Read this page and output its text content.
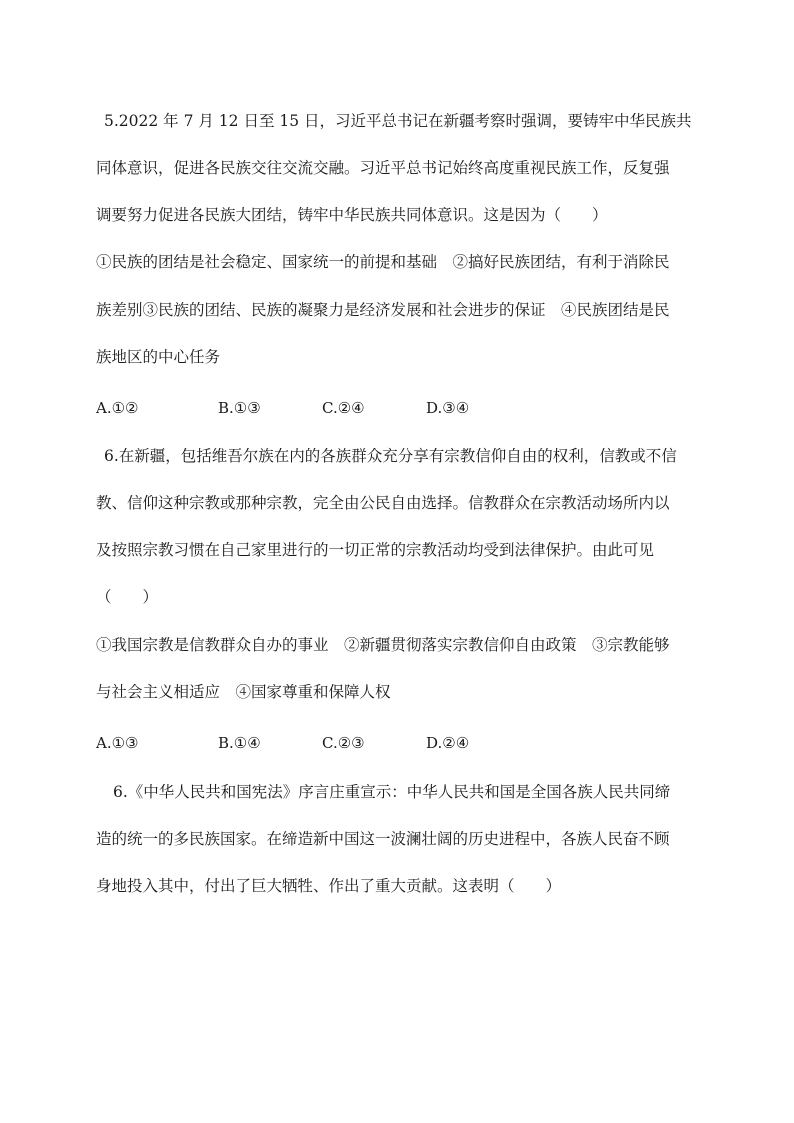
5.2022 年 7 月 12 日至 15 日，习近平总书记在新疆考察时强调，要铸牢中华民族共
同体意识，促进各民族交往交流交融。习近平总书记始终高度重视民族工作，反复强
调要努力促进各民族大团结，铸牢中华民族共同体意识。这是因为（　　）
①民族的团结是社会稳定、国家统一的前提和基础　②搞好民族团结，有利于消除民
族差别③民族的团结、民族的凝聚力是经济发展和社会进步的保证　④民族团结是民
族地区的中心任务
A.①②	B.①③	C.②④	D.③④
6.在新疆，包括维吾尔族在内的各族群众充分享有宗教信仰自由的权利，信教或不信
教、信仰这种宗教或那种宗教，完全由公民自由选择。信教群众在宗教活动场所内以
及按照宗教习惯在自己家里进行的一切正常的宗教活动均受到法律保护。由此可见
（　　）
①我国宗教是信教群众自办的事业　②新疆贯彻落实宗教信仰自由政策　③宗教能够
与社会主义相适应　④国家尊重和保障人权
A.①③	B.①④	C.②③	D.②④
6.《中华人民共和国宪法》序言庄重宣示：中华人民共和国是全国各族人民共同缔
造的统一的多民族国家。在缔造新中国这一波澜壮阔的历史进程中，各族人民奋不顾
身地投入其中，付出了巨大牺牲、作出了重大贡献。这表明（　　）
